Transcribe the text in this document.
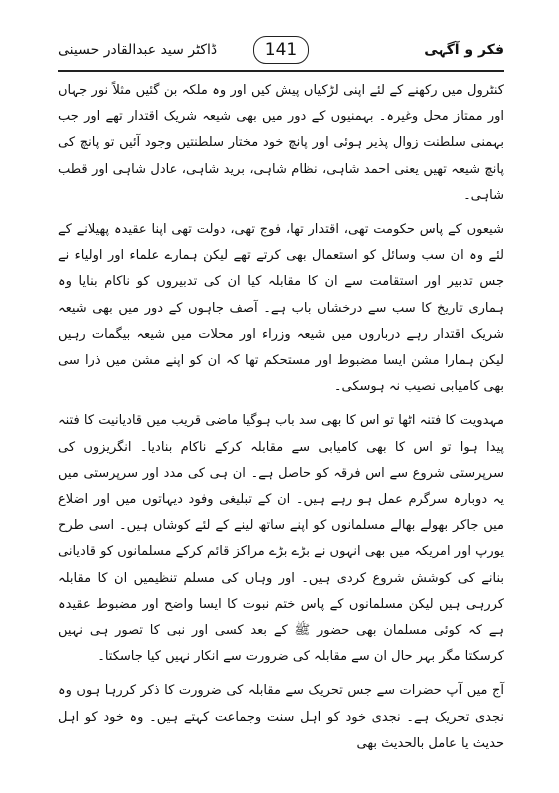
فکر و آگہی
141
ڈاکٹر سید عبدالقادر حسینی

کنٹرول میں رکھنے کے لئے اپنی لڑکیاں پیش کیں اور وہ ملکہ بن گئیں مثلاً نور جہاں اور ممتاز محل وغیرہ۔ بہمنیوں کے دور میں بھی شیعہ شریک اقتدار تھے اور جب بہمنی سلطنت زوال پذیر ہوئی اور پانچ خود مختار سلطنتیں وجود آئیں تو پانچ کی پانچ شیعہ تھیں یعنی احمد شاہی، نظام شاہی، برید شاہی، عادل شاہی اور قطب شاہی۔

شیعوں کے پاس حکومت تھی، اقتدار تھا، فوج تھی، دولت تھی اپنا عقیدہ پھیلانے کے لئے وہ ان سب وسائل کو استعمال بھی کرتے تھے لیکن ہمارے علماء اور اولیاء نے جس تدبیر اور استقامت سے ان کا مقابلہ کیا ان کی تدبیروں کو ناکام بنایا وہ ہماری تاریخ کا سب سے درخشاں باب ہے۔ آصف جاہوں کے دور میں بھی شیعہ شریک اقتدار رہے درباروں میں شیعہ وزراء اور محلات میں شیعہ بیگمات رہیں لیکن ہمارا مشن ایسا مضبوط اور مستحکم تھا کہ ان کو اپنے مشن میں ذرا سی بھی کامیابی نصیب نہ ہوسکی۔

مہدویت کا فتنہ اٹھا تو اس کا بھی سد باب ہوگیا ماضی قریب میں قادیانیت کا فتنہ پیدا ہوا تو اس کا بھی کامیابی سے مقابلہ کرکے ناکام بنادیا۔ انگریزوں کی سرپرستی شروع سے اس فرقہ کو حاصل ہے۔ ان ہی کی مدد اور سرپرستی میں یہ دوبارہ سرگرم عمل ہو رہے ہیں۔ ان کے تبلیغی وفود دیہاتوں میں اور اضلاع میں جاکر بھولے بھالے مسلمانوں کو اپنے ساتھ لینے کے لئے کوشاں ہیں۔ اسی طرح یورپ اور امریکہ میں بھی انہوں نے بڑے بڑے مراکز قائم کرکے مسلمانوں کو قادیانی بنانے کی کوشش شروع کردی ہیں۔ اور وہاں کی مسلم تنظیمیں ان کا مقابلہ کررہی ہیں لیکن مسلمانوں کے پاس ختم نبوت کا ایسا واضح اور مضبوط عقیدہ ہے کہ کوئی مسلمان بھی حضور ﷺ کے بعد کسی اور نبی کا تصور ہی نہیں کرسکتا مگر بہر حال ان سے مقابلہ کی ضرورت سے انکار نہیں کیا جاسکتا۔

آج میں آپ حضرات سے جس تحریک سے مقابلہ کی ضرورت کا ذکر کررہا ہوں وہ نجدی تحریک ہے۔ نجدی خود کو اہل سنت وجماعت کہتے ہیں۔ وہ خود کو اہل حدیث یا عامل بالحدیث بھی
